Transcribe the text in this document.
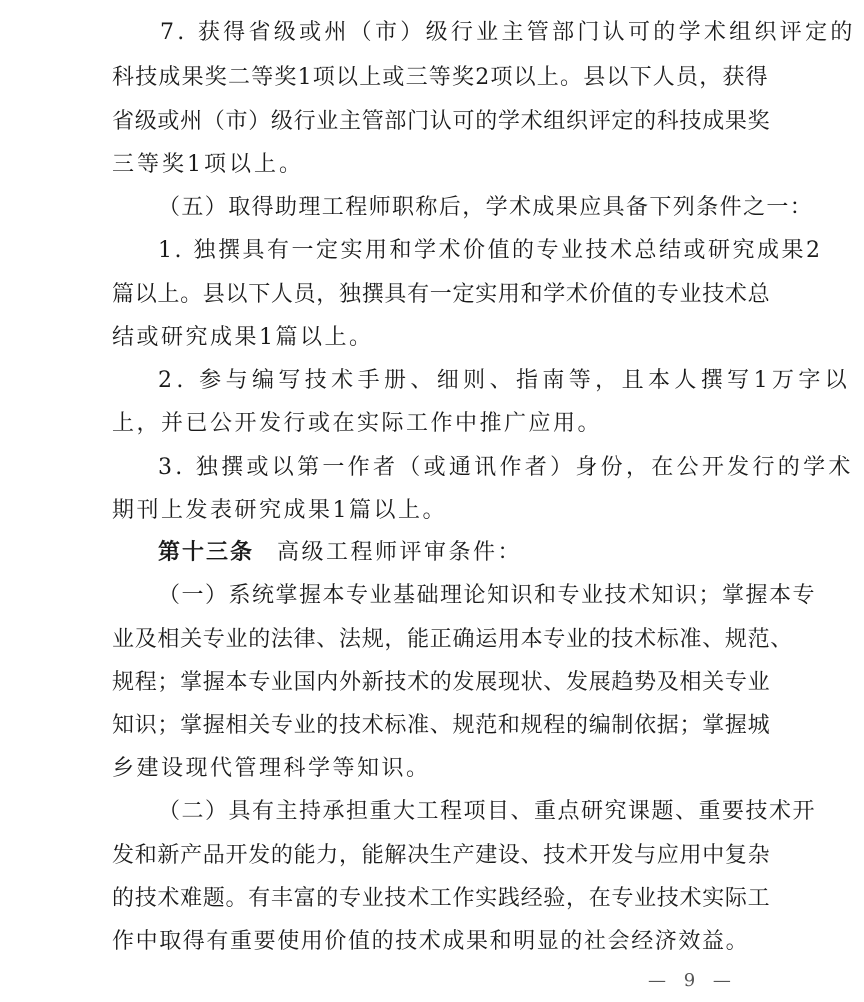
7. 获得省级或州（市）级行业主管部门认可的学术组织评定的

科技成果奖二等奖1项以上或三等奖2项以上。县以下人员，获得

省级或州（市）级行业主管部门认可的学术组织评定的科技成果奖

三等奖1项以上。

（五）取得助理工程师职称后，学术成果应具备下列条件之一：

1. 独撰具有一定实用和学术价值的专业技术总结或研究成果2

篇以上。县以下人员，独撰具有一定实用和学术价值的专业技术总

结或研究成果1篇以上。

2. 参与编写技术手册、细则、指南等，且本人撰写1万字以

上，并已公开发行或在实际工作中推广应用。

3. 独撰或以第一作者（或通讯作者）身份，在公开发行的学术

期刊上发表研究成果1篇以上。

第十三条 高级工程师评审条件：

（一）系统掌握本专业基础理论知识和专业技术知识；掌握本专

业及相关专业的法律、法规，能正确运用本专业的技术标准、规范、

规程；掌握本专业国内外新技术的发展现状、发展趋势及相关专业

知识；掌握相关专业的技术标准、规范和规程的编制依据；掌握城

乡建设现代管理科学等知识。

（二）具有主持承担重大工程项目、重点研究课题、重要技术开

发和新产品开发的能力，能解决生产建设、技术开发与应用中复杂

的技术难题。有丰富的专业技术工作实践经验，在专业技术实际工

作中取得有重要使用价值的技术成果和明显的社会经济效益。

— 9 —
